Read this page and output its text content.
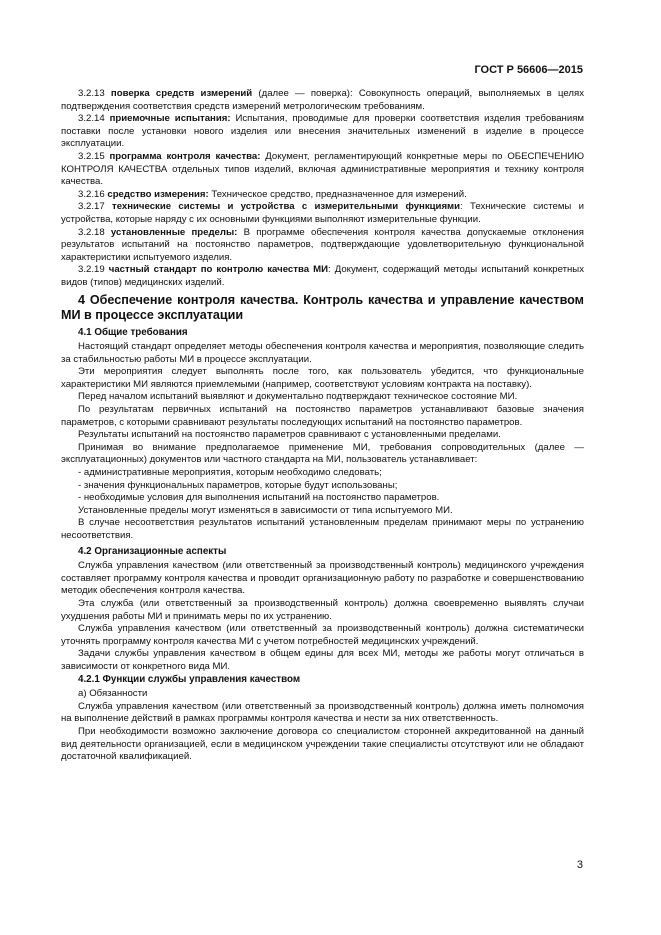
ГОСТ Р 56606—2015

3.2.13 поверка средств измерений (далее — поверка): Совокупность операций, выполняемых в целях подтверждения соответствия средств измерений метрологическим требованиям.

3.2.14 приемочные испытания: Испытания, проводимые для проверки соответствия изделия требованиям поставки после установки нового изделия или внесения значительных изменений в изделие в процессе эксплуатации.

3.2.15 программа контроля качества: Документ, регламентирующий конкретные меры по ОБЕСПЕЧЕНИЮ КОНТРОЛЯ КАЧЕСТВА отдельных типов изделий, включая административные мероприятия и технику контроля качества.

3.2.16 средство измерения: Техническое средство, предназначенное для измерений.

3.2.17 технические системы и устройства с измерительными функциями: Технические системы и устройства, которые наряду с их основными функциями выполняют измерительные функции.

3.2.18 установленные пределы: В программе обеспечения контроля качества допускаемые отклонения результатов испытаний на постоянство параметров, подтверждающие удовлетворительную функциональной характеристики испытуемого изделия.

3.2.19 частный стандарт по контролю качества МИ: Документ, содержащий методы испытаний конкретных видов (типов) медицинских изделий.

4 Обеспечение контроля качества. Контроль качества и управление качеством МИ в процессе эксплуатации
4.1 Общие требования

Настоящий стандарт определяет методы обеспечения контроля качества и мероприятия, позволяющие следить за стабильностью работы МИ в процессе эксплуатации.

Эти мероприятия следует выполнять после того, как пользователь убедится, что функциональные характеристики МИ являются приемлемыми (например, соответствуют условиям контракта на поставку).

Перед началом испытаний выявляют и документально подтверждают техническое состояние МИ.

По результатам первичных испытаний на постоянство параметров устанавливают базовые значения параметров, с которыми сравнивают результаты последующих испытаний на постоянство параметров.

Результаты испытаний на постоянство параметров сравнивают с установленными пределами.

Принимая во внимание предполагаемое применение МИ, требования сопроводительных (далее — эксплуатационных) документов или частного стандарта на МИ, пользователь устанавливает:

- административные мероприятия, которым необходимо следовать;

- значения функциональных параметров, которые будут использованы;

- необходимые условия для выполнения испытаний на постоянство параметров.

Установленные пределы могут изменяться в зависимости от типа испытуемого МИ.

В случае несоответствия результатов испытаний установленным пределам принимают меры по устранению несоответствия.

4.2 Организационные аспекты

Служба управления качеством (или ответственный за производственный контроль) медицинского учреждения составляет программу контроля качества и проводит организационную работу по разработке и совершенствованию методик обеспечения контроля качества.

Эта служба (или ответственный за производственный контроль) должна своевременно выявлять случаи ухудшения работы МИ и принимать меры по их устранению.

Служба управления качеством (или ответственный за производственный контроль) должна систематически уточнять программу контроля качества МИ с учетом потребностей медицинских учреждений.

Задачи службы управления качеством в общем едины для всех МИ, методы же работы могут отличаться в зависимости от конкретного вида МИ.

4.2.1 Функции службы управления качеством

а) Обязанности

Служба управления качеством (или ответственный за производственный контроль) должна иметь полномочия на выполнение действий в рамках программы контроля качества и нести за них ответственность.

При необходимости возможно заключение договора со специалистом сторонней аккредитованной на данный вид деятельности организацией, если в медицинском учреждении такие специалисты отсутствуют или не обладают достаточной квалификацией.

3
